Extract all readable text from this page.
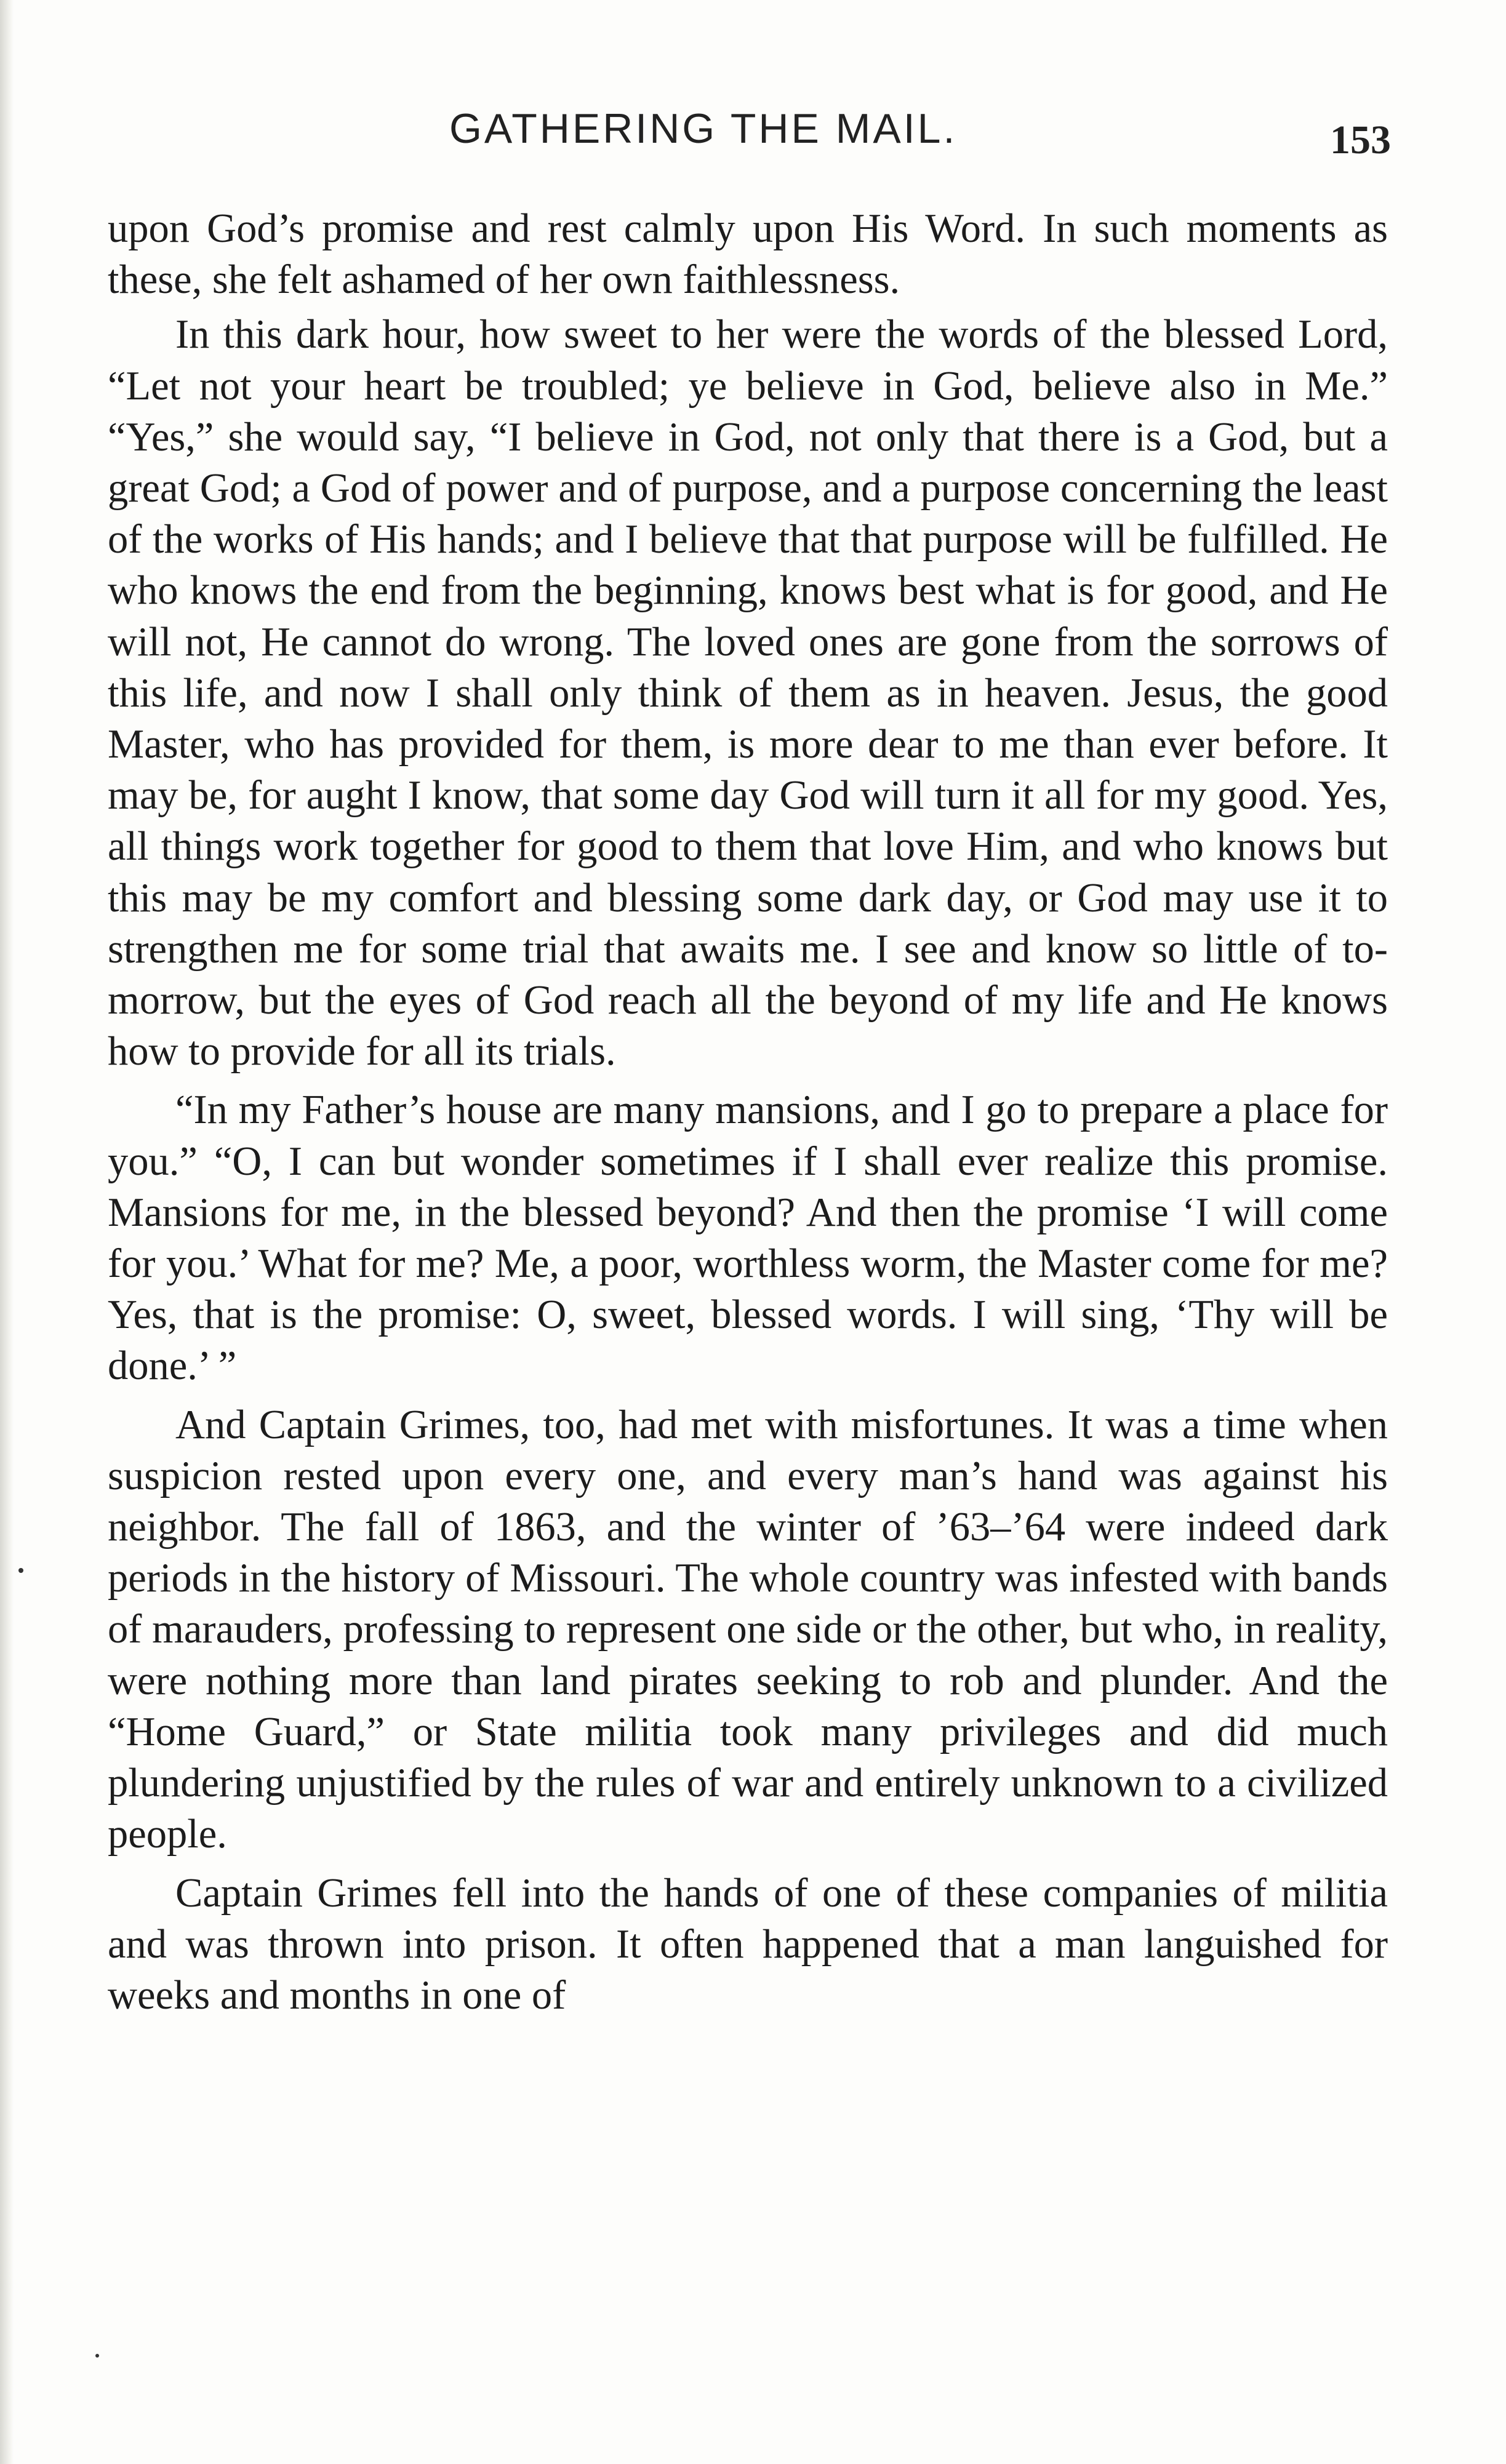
GATHERING THE MAIL.	153

upon God’s promise and rest calmly upon His Word. In such moments as these, she felt ashamed of her own faithlessness.

In this dark hour, how sweet to her were the words of the blessed Lord, “Let not your heart be troubled; ye believe in God, believe also in Me.” “Yes,” she would say, “I believe in God, not only that there is a God, but a great God; a God of power and of purpose, and a purpose concerning the least of the works of His hands; and I believe that that purpose will be fulfilled. He who knows the end from the beginning, knows best what is for good, and He will not, He cannot do wrong. The loved ones are gone from the sorrows of this life, and now I shall only think of them as in heaven. Jesus, the good Master, who has provided for them, is more dear to me than ever before. It may be, for aught I know, that some day God will turn it all for my good. Yes, all things work together for good to them that love Him, and who knows but this may be my comfort and blessing some dark day, or God may use it to strengthen me for some trial that awaits me. I see and know so little of to-morrow, but the eyes of God reach all the beyond of my life and He knows how to provide for all its trials.

“In my Father’s house are many mansions, and I go to prepare a place for you.” “O, I can but wonder sometimes if I shall ever realize this promise. Mansions for me, in the blessed beyond? And then the promise ‘I will come for you.’ What for me? Me, a poor, worthless worm, the Master come for me? Yes, that is the promise: O, sweet, blessed words. I will sing, ‘Thy will be done.’ ”

And Captain Grimes, too, had met with misfortunes. It was a time when suspicion rested upon every one, and every man’s hand was against his neighbor. The fall of 1863, and the winter of ’63–’64 were indeed dark periods in the history of Missouri. The whole country was infested with bands of marauders, professing to represent one side or the other, but who, in reality, were nothing more than land pirates seeking to rob and plunder. And the “Home Guard,” or State militia took many privileges and did much plundering unjustified by the rules of war and entirely unknown to a civilized people.

Captain Grimes fell into the hands of one of these companies of militia and was thrown into prison. It often happened that a man languished for weeks and months in one of
